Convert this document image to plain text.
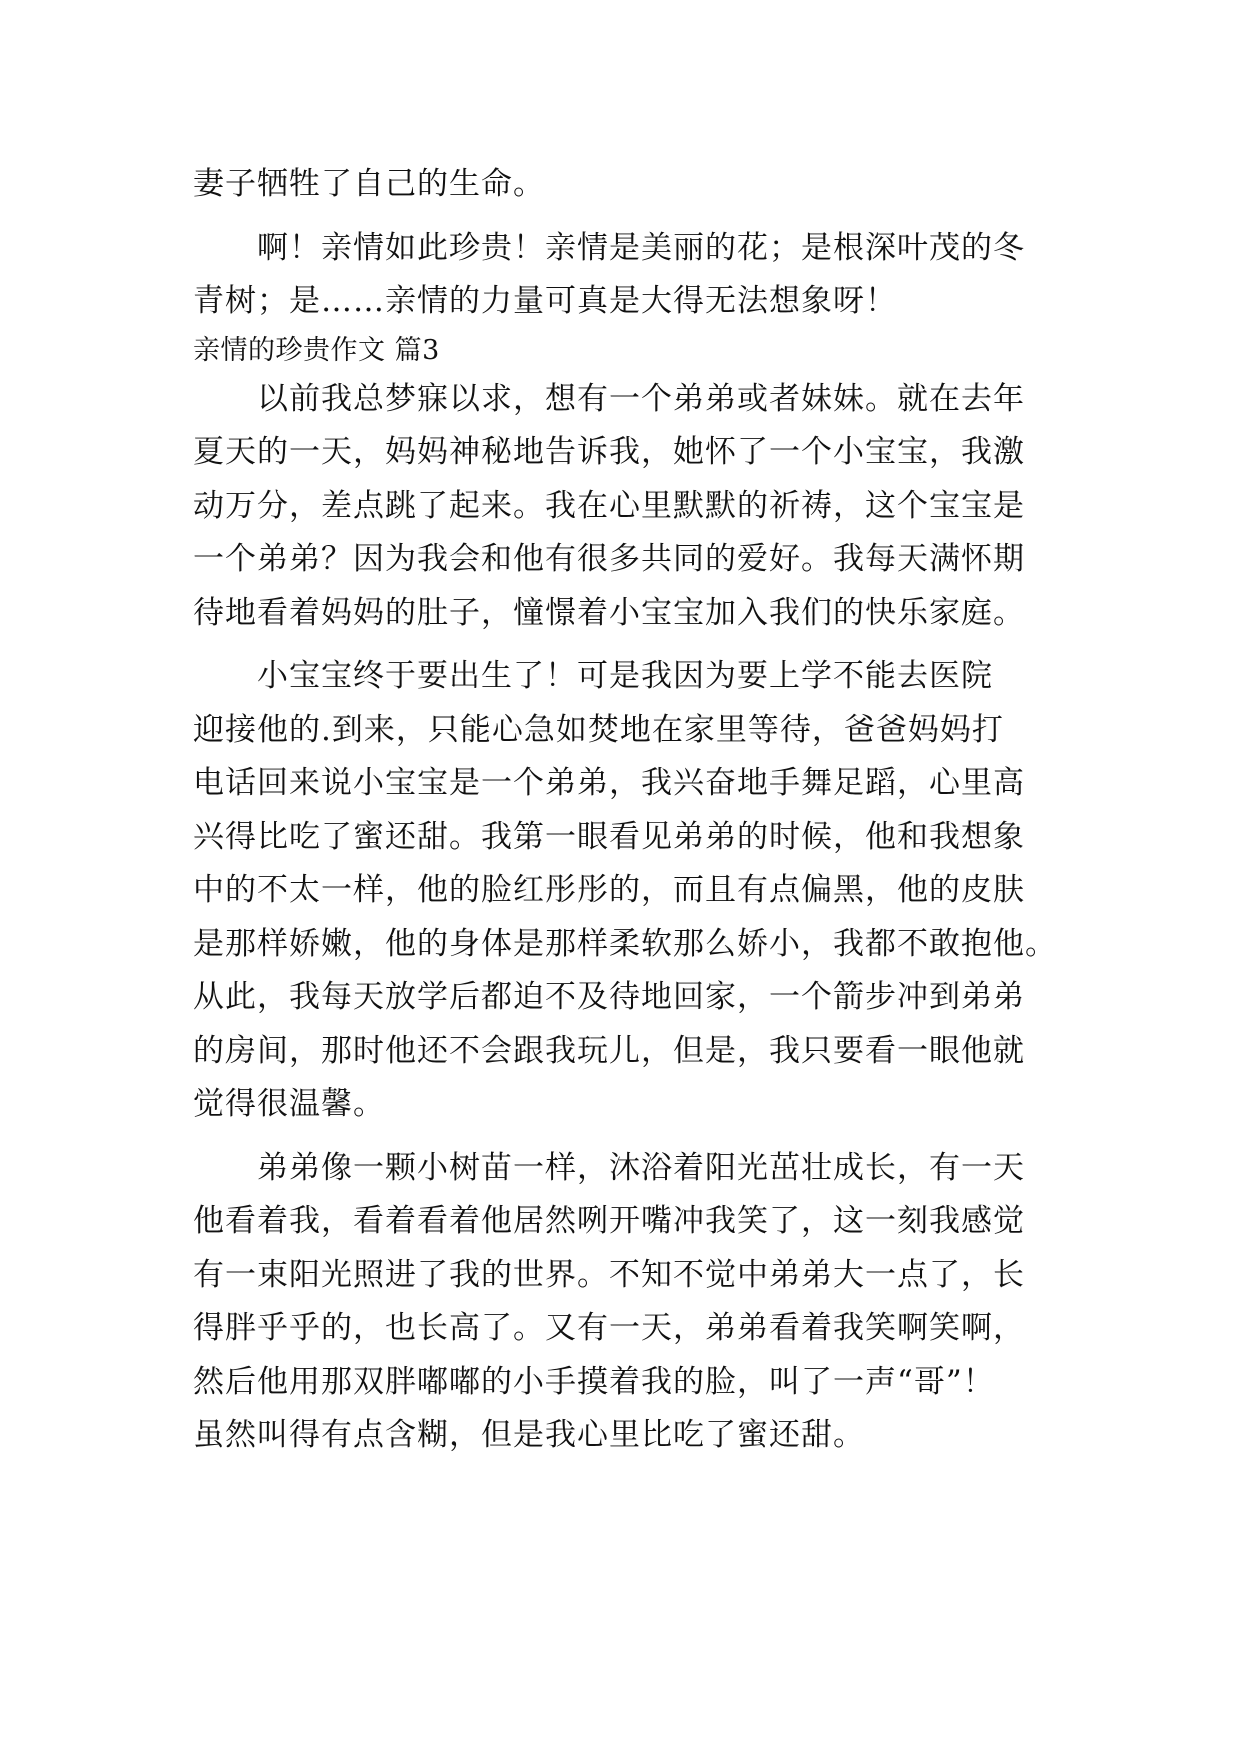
妻子牺牲了自己的生命。
啊！亲情如此珍贵！亲情是美丽的花；是根深叶茂的冬
青树；是……亲情的力量可真是大得无法想象呀！
亲情的珍贵作文 篇3
以前我总梦寐以求，想有一个弟弟或者妹妹。就在去年
夏天的一天，妈妈神秘地告诉我，她怀了一个小宝宝，我激
动万分，差点跳了起来。我在心里默默的祈祷，这个宝宝是
一个弟弟？因为我会和他有很多共同的爱好。我每天满怀期
待地看着妈妈的肚子，憧憬着小宝宝加入我们的快乐家庭。
小宝宝终于要出生了！可是我因为要上学不能去医院
迎接他的.到来，只能心急如焚地在家里等待，爸爸妈妈打
电话回来说小宝宝是一个弟弟，我兴奋地手舞足蹈，心里高
兴得比吃了蜜还甜。我第一眼看见弟弟的时候，他和我想象
中的不太一样，他的脸红彤彤的，而且有点偏黑，他的皮肤
是那样娇嫩，他的身体是那样柔软那么娇小，我都不敢抱他。
从此，我每天放学后都迫不及待地回家，一个箭步冲到弟弟
的房间，那时他还不会跟我玩儿，但是，我只要看一眼他就
觉得很温馨。
弟弟像一颗小树苗一样，沐浴着阳光茁壮成长，有一天
他看着我，看着看着他居然咧开嘴冲我笑了，这一刻我感觉
有一束阳光照进了我的世界。不知不觉中弟弟大一点了，长
得胖乎乎的，也长高了。又有一天，弟弟看着我笑啊笑啊，
然后他用那双胖嘟嘟的小手摸着我的脸，叫了一声“哥”！
虽然叫得有点含糊，但是我心里比吃了蜜还甜。
